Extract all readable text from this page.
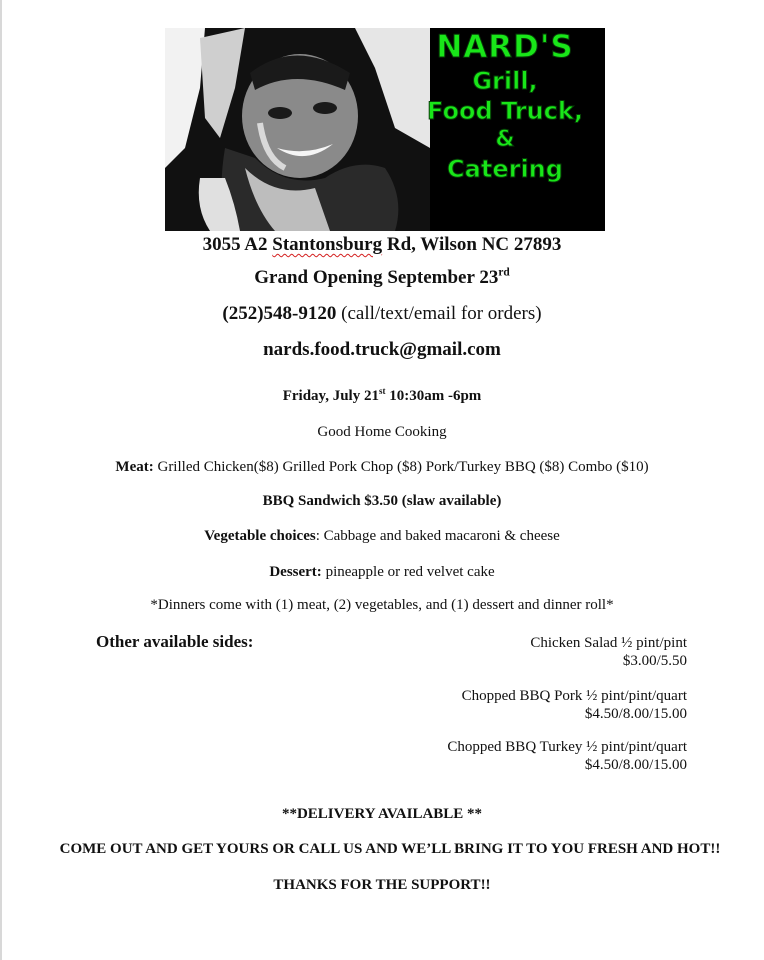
NARD'S
Grill,
Food Truck,
&
Catering
3055 A2 Stantonsburg Rd, Wilson NC 27893
Grand Opening September 23rd
(252)548-9120 (call/text/email for orders)
nards.food.truck@gmail.com
Friday, July 21st 10:30am -6pm
Good Home Cooking
Meat: Grilled Chicken($8) Grilled Pork Chop ($8) Pork/Turkey BBQ ($8) Combo ($10)
BBQ Sandwich $3.50 (slaw available)
Vegetable choices: Cabbage and baked macaroni & cheese
Dessert: pineapple or red velvet cake
*Dinners come with (1) meat, (2) vegetables, and (1) dessert and dinner roll*
Other available sides:	Chicken Salad ½ pint/pint
$3.00/5.50
Chopped BBQ Pork ½ pint/pint/quart
$4.50/8.00/15.00
Chopped BBQ Turkey ½ pint/pint/quart
$4.50/8.00/15.00
**DELIVERY AVAILABLE **
COME OUT AND GET YOURS OR CALL US AND WE’LL BRING IT TO YOU FRESH AND HOT!!
THANKS FOR THE SUPPORT!!
